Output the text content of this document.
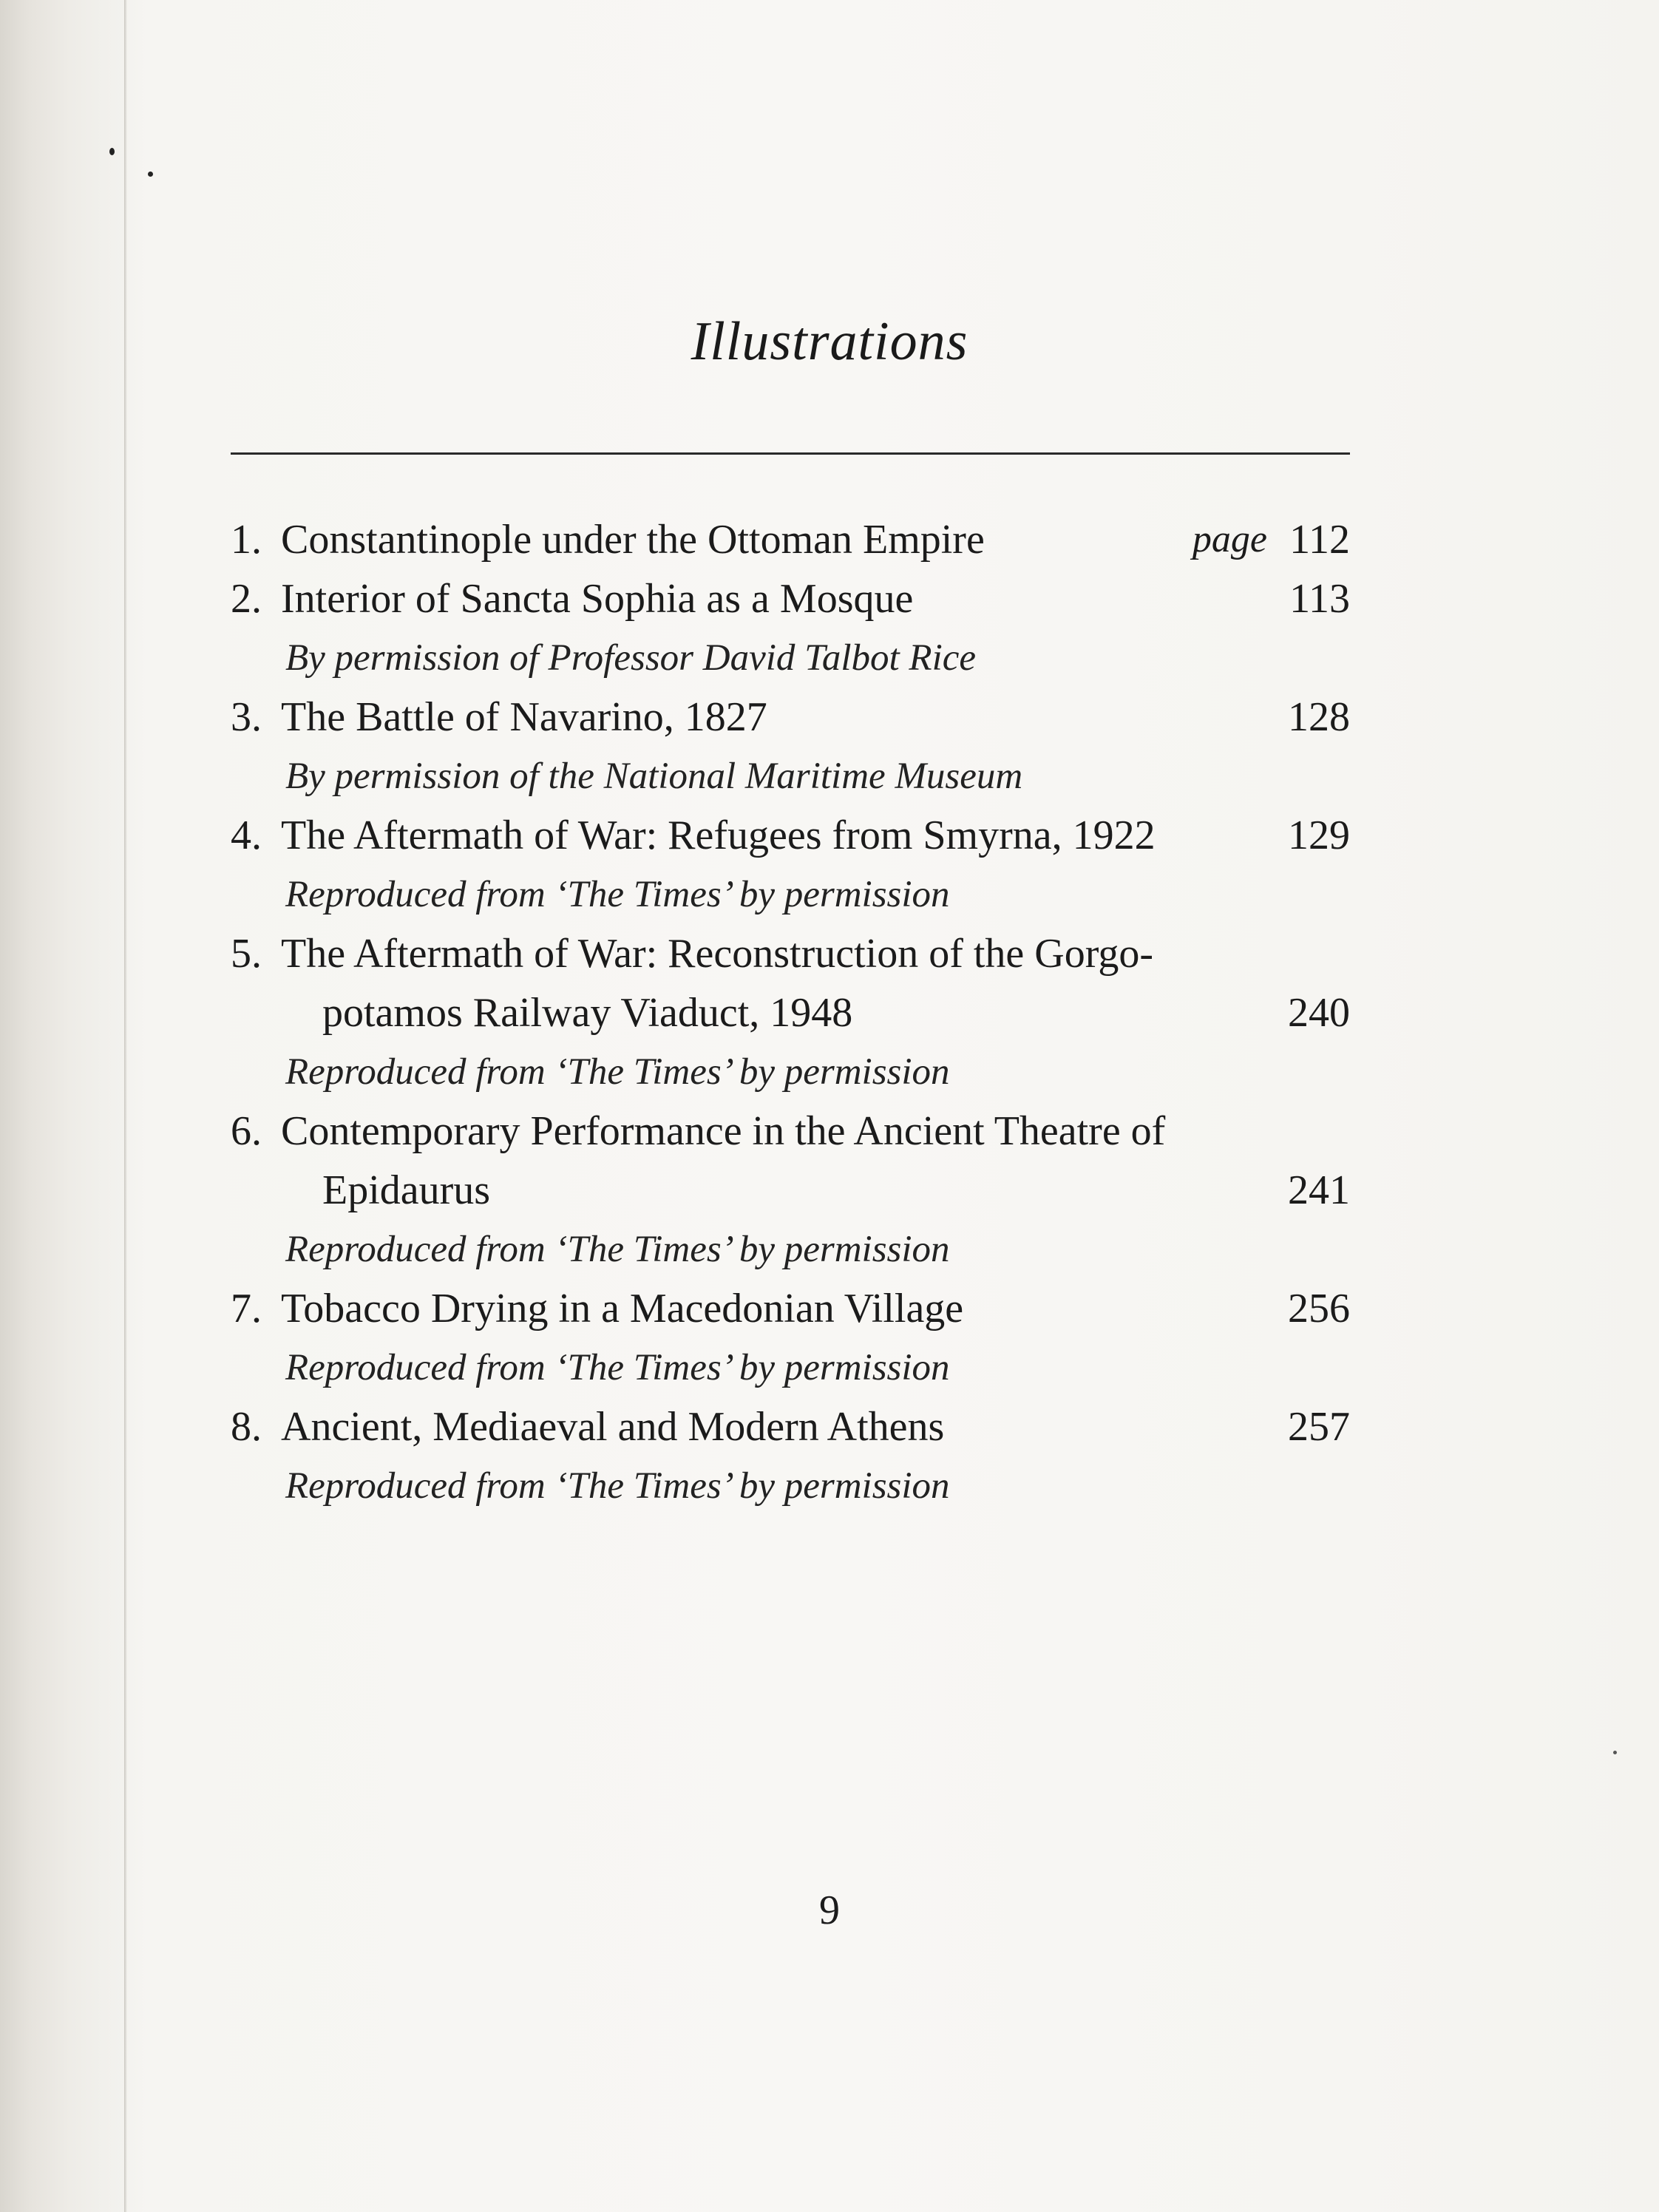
Illustrations
1. Constantinople under the Ottoman Empire	page 112
2. Interior of Sancta Sophia as a Mosque	113
By permission of Professor David Talbot Rice
3. The Battle of Navarino, 1827	128
By permission of the National Maritime Museum
4. The Aftermath of War: Refugees from Smyrna, 1922	129
Reproduced from ‘The Times’ by permission
5. The Aftermath of War: Reconstruction of the Gorgo-
potamos Railway Viaduct, 1948	240
Reproduced from ‘The Times’ by permission
6. Contemporary Performance in the Ancient Theatre of
Epidaurus	241
Reproduced from ‘The Times’ by permission
7. Tobacco Drying in a Macedonian Village	256
Reproduced from ‘The Times’ by permission
8. Ancient, Mediaeval and Modern Athens	257
Reproduced from ‘The Times’ by permission
9
